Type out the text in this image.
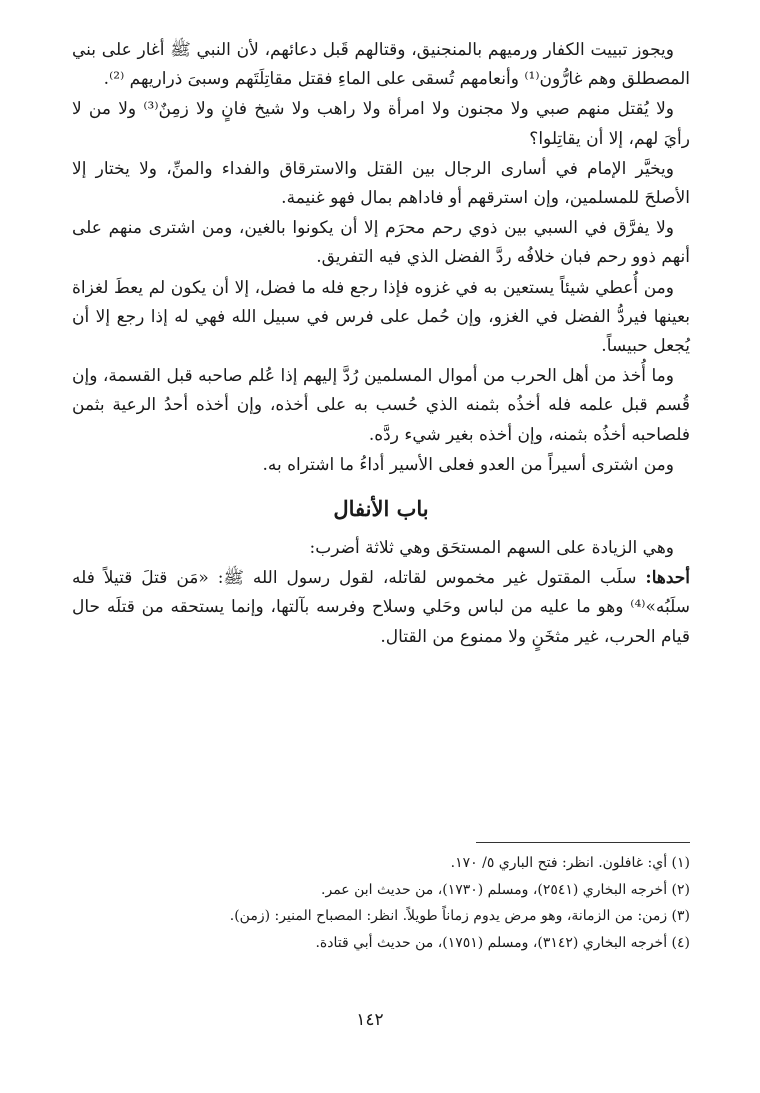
ويجوز تبييت الكفار ورميهم بالمنجنيق، وقتالهم قَبل دعائهم، لأن النبي ﷺ أغار على بني المصطلق وهم غارُّون⁽¹⁾ وأنعامهم تُسقى على الماءِ فقتل مقاتِلَتَهم وسبىَ ذراريهم ⁽²⁾.

ولا يُقتل منهم صبي ولا مجنون ولا امرأة ولا راهب ولا شيخ فانٍ ولا زمِنٌ⁽³⁾ ولا من لا رأيَ لهم، إلا أن يقاتِلوا؟

ويخيَّر الإمام في أسارى الرجال بين القتل والاسترقاق والفداء والمنِّ، ولا يختار إلا الأصلحَ للمسلمين، وإن استرقهم أو فاداهم بمال فهو غنيمة.

ولا يفرَّق في السبي بين ذوي رحم محرَم إلا أن يكونوا بالغين، ومن اشترى منهم على أنهم ذوو رحم فبان خلافُه ردَّ الفضل الذي فيه التفريق.

ومن أُعطي شيئاً يستعين به في غزوه فإذا رجع فله ما فضل، إلا أن يكون لم يعطَ لغزاة بعينها فيردُّ الفضل في الغزو، وإن حُمل على فرس في سبيل الله فهي له إذا رجع إلا أن يُجعل حبيساً.

وما أُخذ من أهل الحرب من أموال المسلمين رُدَّ إليهم إذا عُلم صاحبه قبل القسمة، وإن قُسم قبل علمه فله أخذُه بثمنه الذي حُسب به على أخذه، وإن أخذه أحدُ الرعية بثمن فلصاحبه أخذُه بثمنه، وإن أخذه بغير شيء ردَّه.

ومن اشترى أسيراً من العدو فعلى الأسير أداءُ ما اشتراه به.

باب الأنفال

وهي الزيادة على السهم المستحَق وهي ثلاثة أضرب:

أحدها: سلَب المقتول غير مخموس لقاتله، لقول رسول الله ﷺ: «مَن قتلَ قتيلاً فله سلَبُه»⁽⁴⁾ وهو ما عليه من لباس وحَلي وسلاح وفرسه بآلتها، وإنما يستحقه من قتلَه حال قيام الحرب، غير مثخَنٍ ولا ممنوع من القتال.

(١) أي: غافلون. انظر: فتح الباري ٥/ ١٧٠.

(٢) أخرجه البخاري (٢٥٤١)، ومسلم (١٧٣٠)، من حديث ابن عمر.

(٣) زمن: من الزمانة، وهو مرض يدوم زماناً طويلاً. انظر: المصباح المنير: (زمن).

(٤) أخرجه البخاري (٣١٤٢)، ومسلم (١٧٥١)، من حديث أبي قتادة.

١٤٢
